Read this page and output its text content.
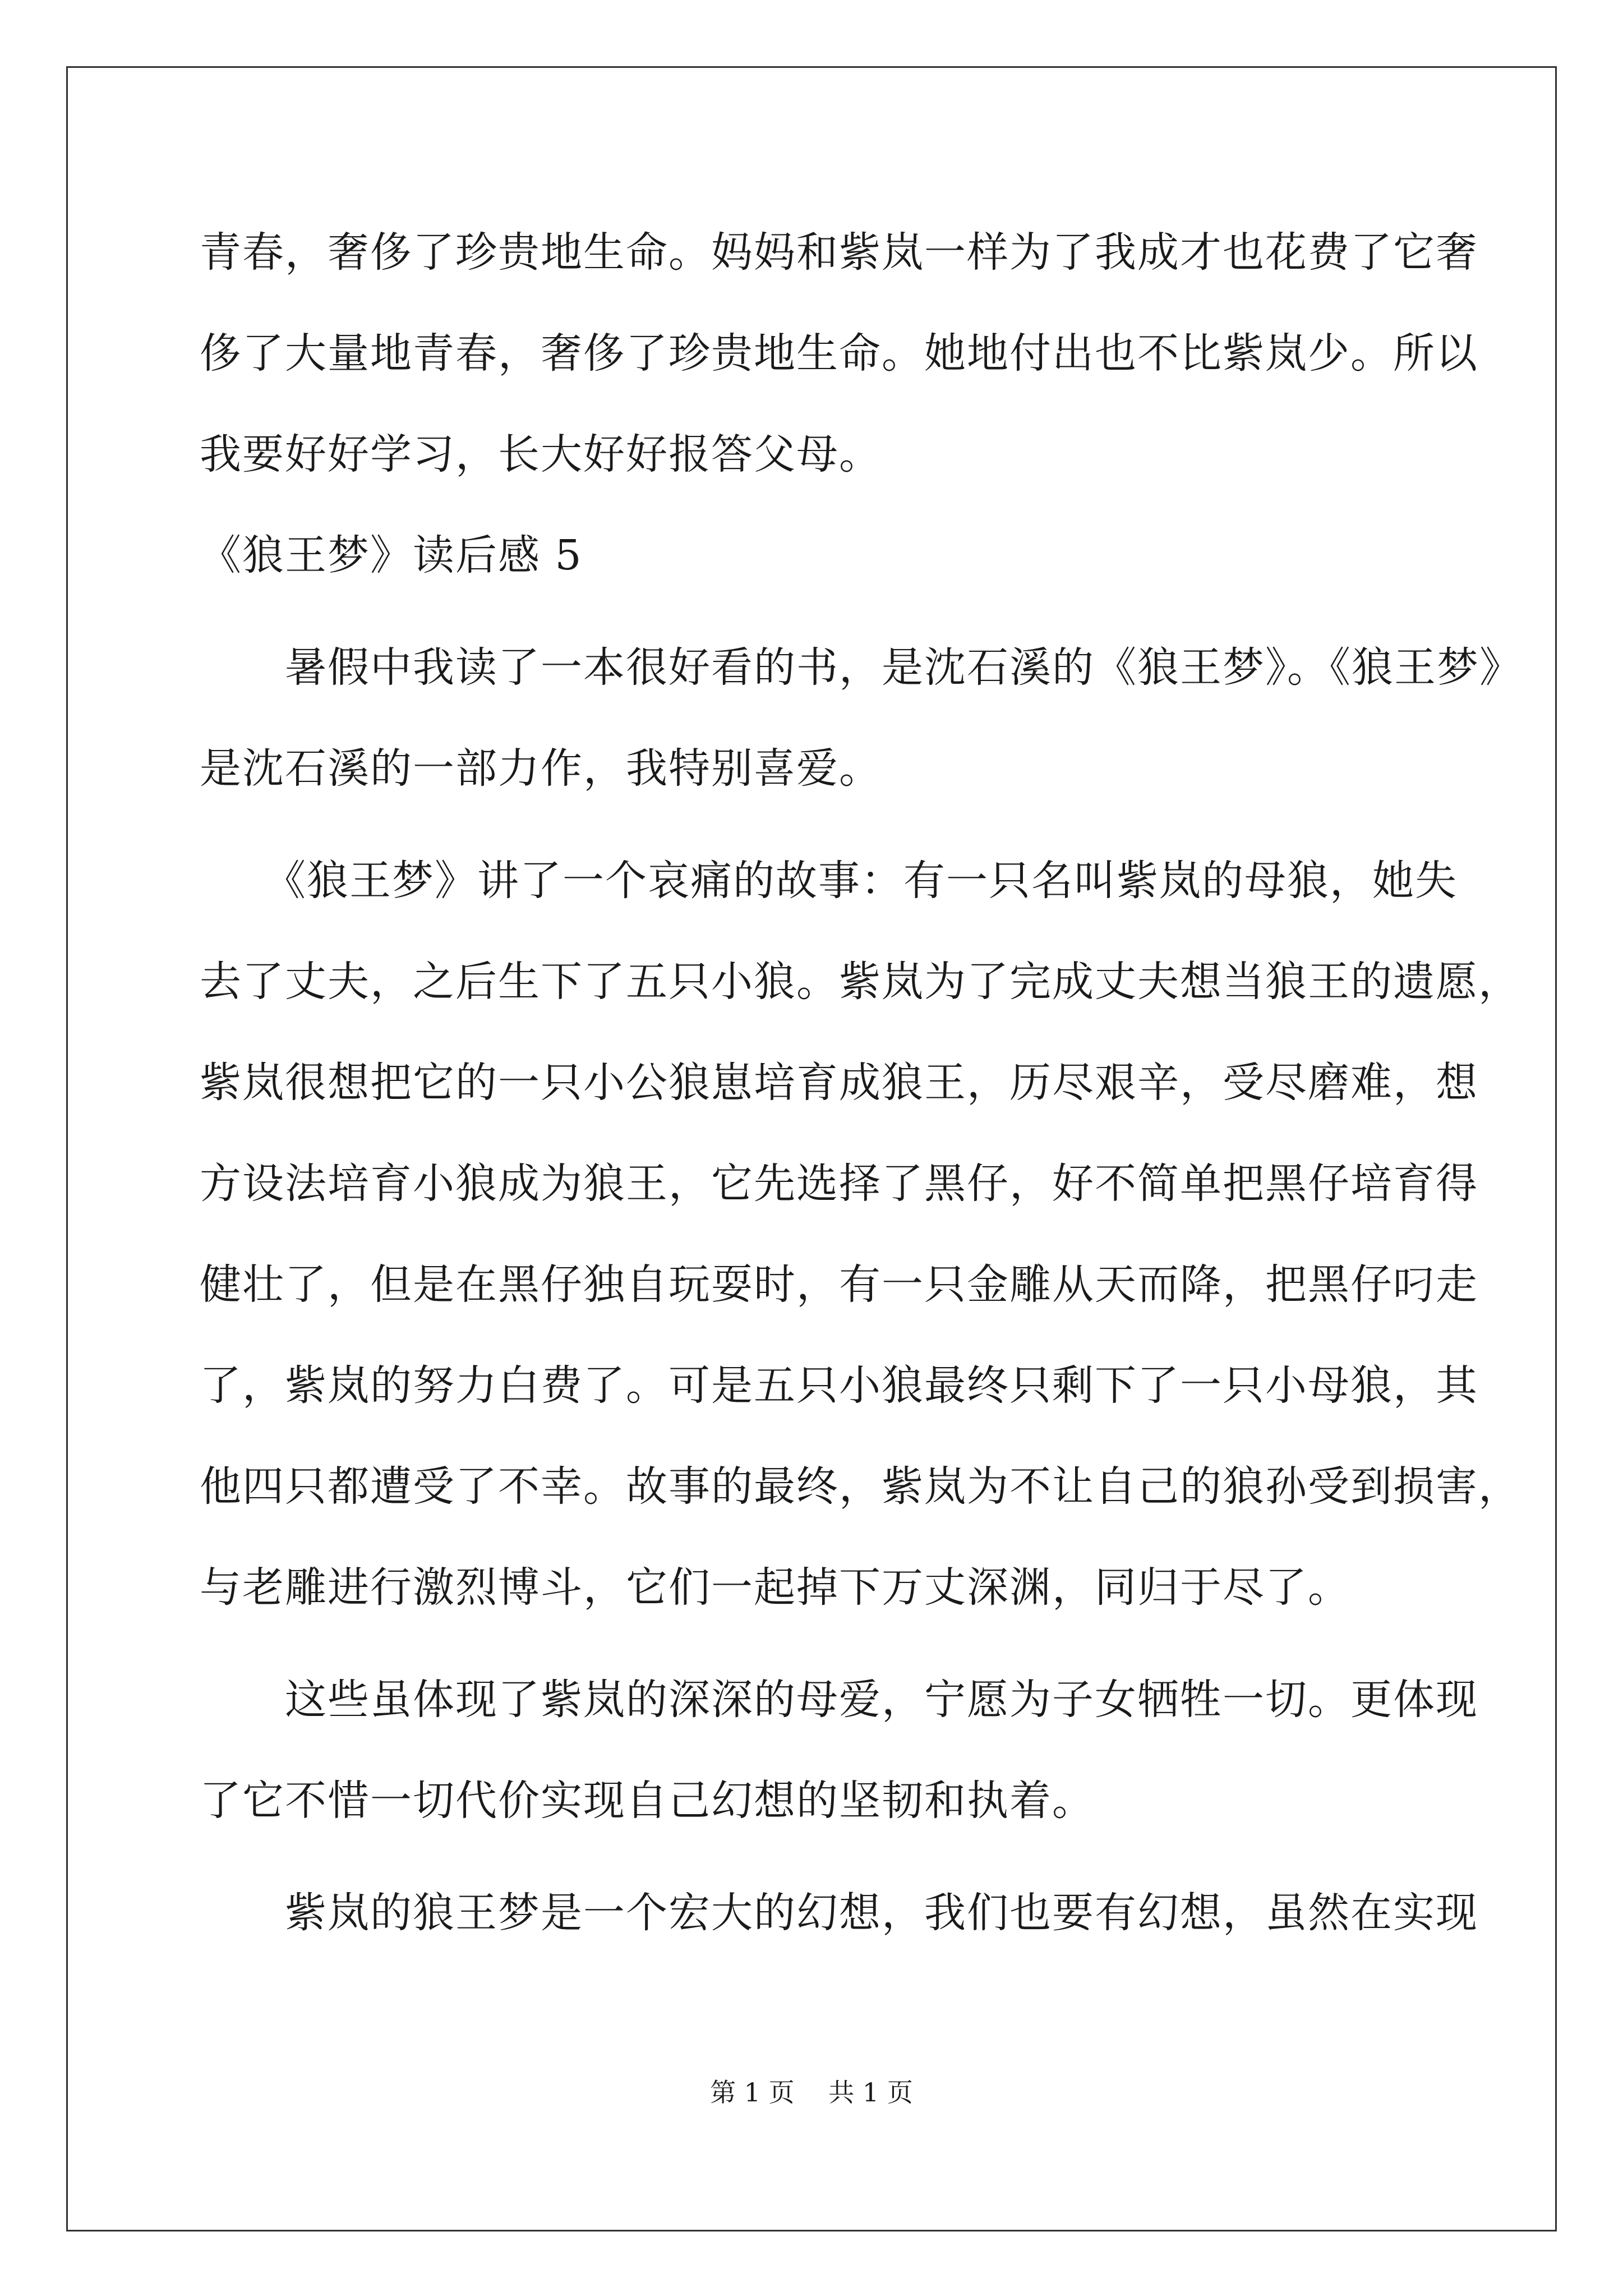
青春，奢侈了珍贵地生命。妈妈和紫岚一样为了我成才也花费了它奢
侈了大量地青春，奢侈了珍贵地生命。她地付出也不比紫岚少。所以
我要好好学习，长大好好报答父母。
《狼王梦》读后感 5
　　暑假中我读了一本很好看的书，是沈石溪的《狼王梦》。《狼王梦》
是沈石溪的一部力作，我特别喜爱。
　　《狼王梦》讲了一个哀痛的故事：有一只名叫紫岚的母狼，她失
去了丈夫，之后生下了五只小狼。紫岚为了完成丈夫想当狼王的遗愿，
紫岚很想把它的一只小公狼崽培育成狼王，历尽艰辛，受尽磨难，想
方设法培育小狼成为狼王，它先选择了黑仔，好不简单把黑仔培育得
健壮了，但是在黑仔独自玩耍时，有一只金雕从天而降，把黑仔叼走
了，紫岚的努力白费了。可是五只小狼最终只剩下了一只小母狼，其
他四只都遭受了不幸。故事的最终，紫岚为不让自己的狼孙受到损害，
与老雕进行激烈博斗，它们一起掉下万丈深渊，同归于尽了。
　　这些虽体现了紫岚的深深的母爱，宁愿为子女牺牲一切。更体现
了它不惜一切代价实现自己幻想的坚韧和执着。
　　紫岚的狼王梦是一个宏大的幻想，我们也要有幻想，虽然在实现
第 1 页　 共 1 页
